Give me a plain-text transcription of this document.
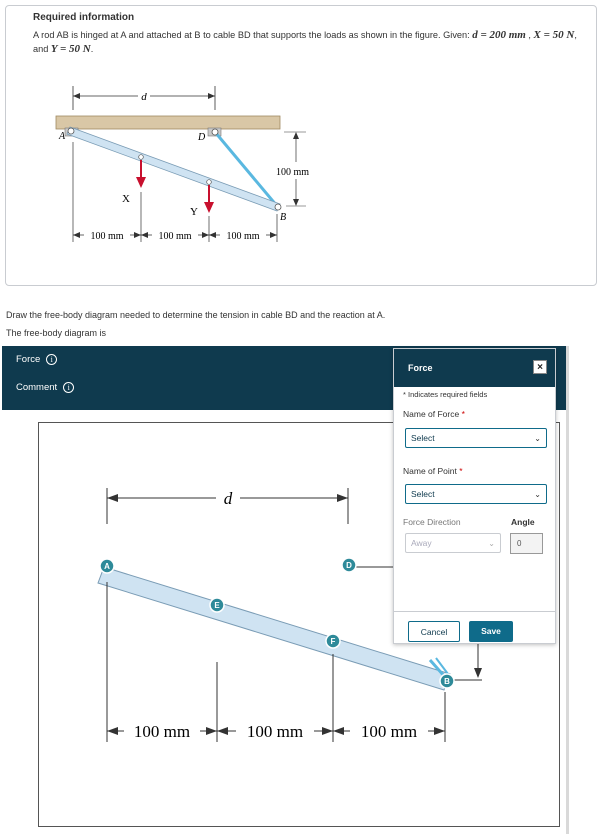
Required information
A rod AB is hinged at A and attached at B to cable BD that supports the loads as shown in the figure. Given: d = 200 mm , X = 50 N, and Y = 50 N.
d
A	D
B
X
Y
100 mm
100 mm	100 mm	100 mm
Draw the free-body diagram needed to determine the tension in cable BD and the reaction at A.
The free-body diagram is
Force	i
Comment	i
d
100 mm	100 mm	100 mm
A
E
D
F
B
Force	×
* Indicates required fields
Name of Force *
Select	⌄
Name of Point *
Select	⌄
Force Direction
Away	⌄
Angle
0
Cancel	Save
